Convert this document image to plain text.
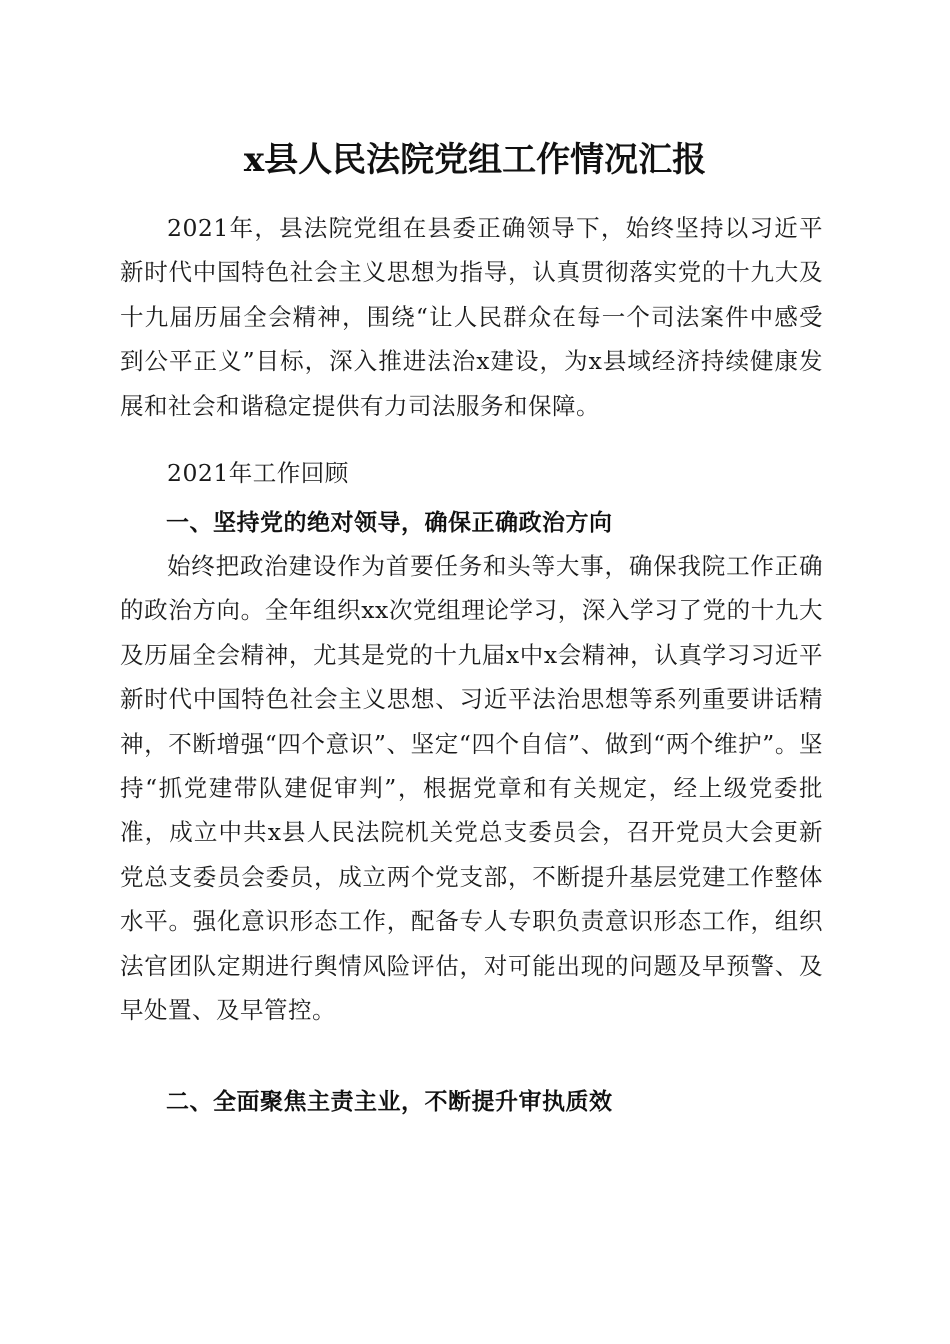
x县人民法院党组工作情况汇报

2021年，县法院党组在县委正确领导下，始终坚持以习近平新时代中国特色社会主义思想为指导，认真贯彻落实党的十九大及十九届历届全会精神，围绕“让人民群众在每一个司法案件中感受到公平正义”目标，深入推进法治x建设，为x县域经济持续健康发展和社会和谐稳定提供有力司法服务和保障。

2021年工作回顾

一、坚持党的绝对领导，确保正确政治方向

始终把政治建设作为首要任务和头等大事，确保我院工作正确的政治方向。全年组织xx次党组理论学习，深入学习了党的十九大及历届全会精神，尤其是党的十九届x中x会精神，认真学习习近平新时代中国特色社会主义思想、习近平法治思想等系列重要讲话精神，不断增强“四个意识”、坚定“四个自信”、做到“两个维护”。坚持“抓党建带队建促审判”，根据党章和有关规定，经上级党委批准，成立中共x县人民法院机关党总支委员会，召开党员大会更新党总支委员会委员，成立两个党支部，不断提升基层党建工作整体水平。强化意识形态工作，配备专人专职负责意识形态工作，组织法官团队定期进行舆情风险评估，对可能出现的问题及早预警、及早处置、及早管控。

二、全面聚焦主责主业，不断提升审执质效
